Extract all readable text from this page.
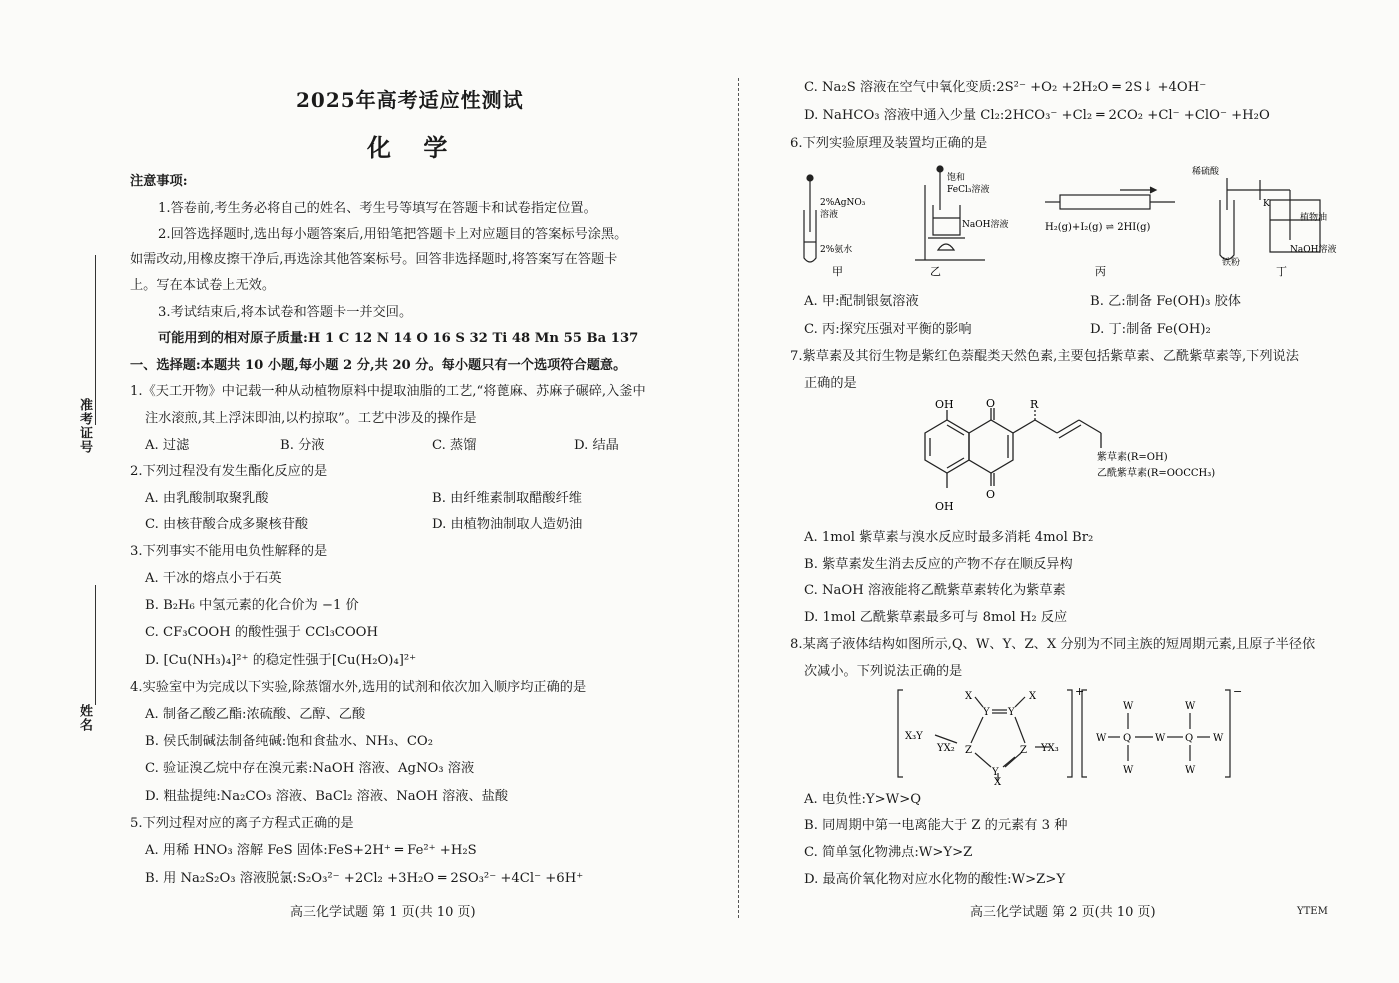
准考证号
姓名
2025年高考适应性测试
化 学
注意事项:
1.答卷前,考生务必将自己的姓名、考生号等填写在答题卡和试卷指定位置。
2.回答选择题时,选出每小题答案后,用铅笔把答题卡上对应题目的答案标号涂黑。
如需改动,用橡皮擦干净后,再选涂其他答案标号。回答非选择题时,将答案写在答题卡
上。写在本试卷上无效。
3.考试结束后,将本试卷和答题卡一并交回。
可能用到的相对原子质量:H 1 C 12 N 14 O 16 S 32 Ti 48 Mn 55 Ba 137
一、选择题:本题共 10 小题,每小题 2 分,共 20 分。每小题只有一个选项符合题意。
1.《天工开物》中记载一种从动植物原料中提取油脂的工艺,“将蓖麻、苏麻子碾碎,入釜中
注水滚煎,其上浮沫即油,以杓掠取”。工艺中涉及的操作是
A. 过滤	B. 分液	C. 蒸馏	D. 结晶
2.下列过程没有发生酯化反应的是
A. 由乳酸制取聚乳酸	B. 由纤维素制取醋酸纤维
C. 由核苷酸合成多聚核苷酸	D. 由植物油制取人造奶油
3.下列事实不能用电负性解释的是
A. 干冰的熔点小于石英
B. B₂H₆ 中氢元素的化合价为 −1 价
C. CF₃COOH 的酸性强于 CCl₃COOH
D. [Cu(NH₃)₄]²⁺ 的稳定性强于[Cu(H₂O)₄]²⁺
4.实验室中为完成以下实验,除蒸馏水外,选用的试剂和依次加入顺序均正确的是
A. 制备乙酸乙酯:浓硫酸、乙醇、乙酸
B. 侯氏制碱法制备纯碱:饱和食盐水、NH₃、CO₂
C. 验证溴乙烷中存在溴元素:NaOH 溶液、AgNO₃ 溶液
D. 粗盐提纯:Na₂CO₃ 溶液、BaCl₂ 溶液、NaOH 溶液、盐酸
5.下列过程对应的离子方程式正确的是
A. 用稀 HNO₃ 溶解 FeS 固体:FeS+2H⁺ ═ Fe²⁺ +H₂S
B. 用 Na₂S₂O₃ 溶液脱氯:S₂O₃²⁻ +2Cl₂ +3H₂O ═ 2SO₃²⁻ +4Cl⁻ +6H⁺
高三化学试题 第 1 页(共 10 页)
C. Na₂S 溶液在空气中氧化变质:2S²⁻ +O₂ +2H₂O ═ 2S↓ +4OH⁻
D. NaHCO₃ 溶液中通入少量 Cl₂:2HCO₃⁻ +Cl₂ ═ 2CO₂ +Cl⁻ +ClO⁻ +H₂O
6.下列实验原理及装置均正确的是
2%AgNO₃
溶液
2%氨水
甲
饱和
FeCl₃溶液
NaOH溶液
乙
H₂(g)+I₂(g) ⇌ 2HI(g)
丙
稀硫酸
K
植物油
NaOH溶液
铁粉
丁
A. 甲:配制银氨溶液	B. 乙:制备 Fe(OH)₃ 胶体
C. 丙:探究压强对平衡的影响	D. 丁:制备 Fe(OH)₂
7.紫草素及其衍生物是紫红色萘醌类天然色素,主要包括紫草素、乙酰紫草素等,下列说法
正确的是
OH	O	R
O
OH
紫草素(R=OH)
乙酰紫草素(R=OOCCH₃)
A. 1mol 紫草素与溴水反应时最多消耗 4mol Br₂
B. 紫草素发生消去反应的产物不存在顺反异构
C. NaOH 溶液能将乙酰紫草素转化为紫草素
D. 1mol 乙酰紫草素最多可与 8mol H₂ 反应
8.某离子液体结构如图所示,Q、W、Y、Z、X 分别为不同主族的短周期元素,且原子半径依
次减小。下列说法正确的是
X	X
Y Y
X₃Y
YX₂ Z	Z YX₃
Y
X
+	−
W
W
Q
W
W
W
Q
W
W
A. 电负性:Y>W>Q
B. 同周期中第一电离能大于 Z 的元素有 3 种
C. 简单氢化物沸点:W>Y>Z
D. 最高价氧化物对应水化物的酸性:W>Z>Y
高三化学试题 第 2 页(共 10 页)	YTEM
